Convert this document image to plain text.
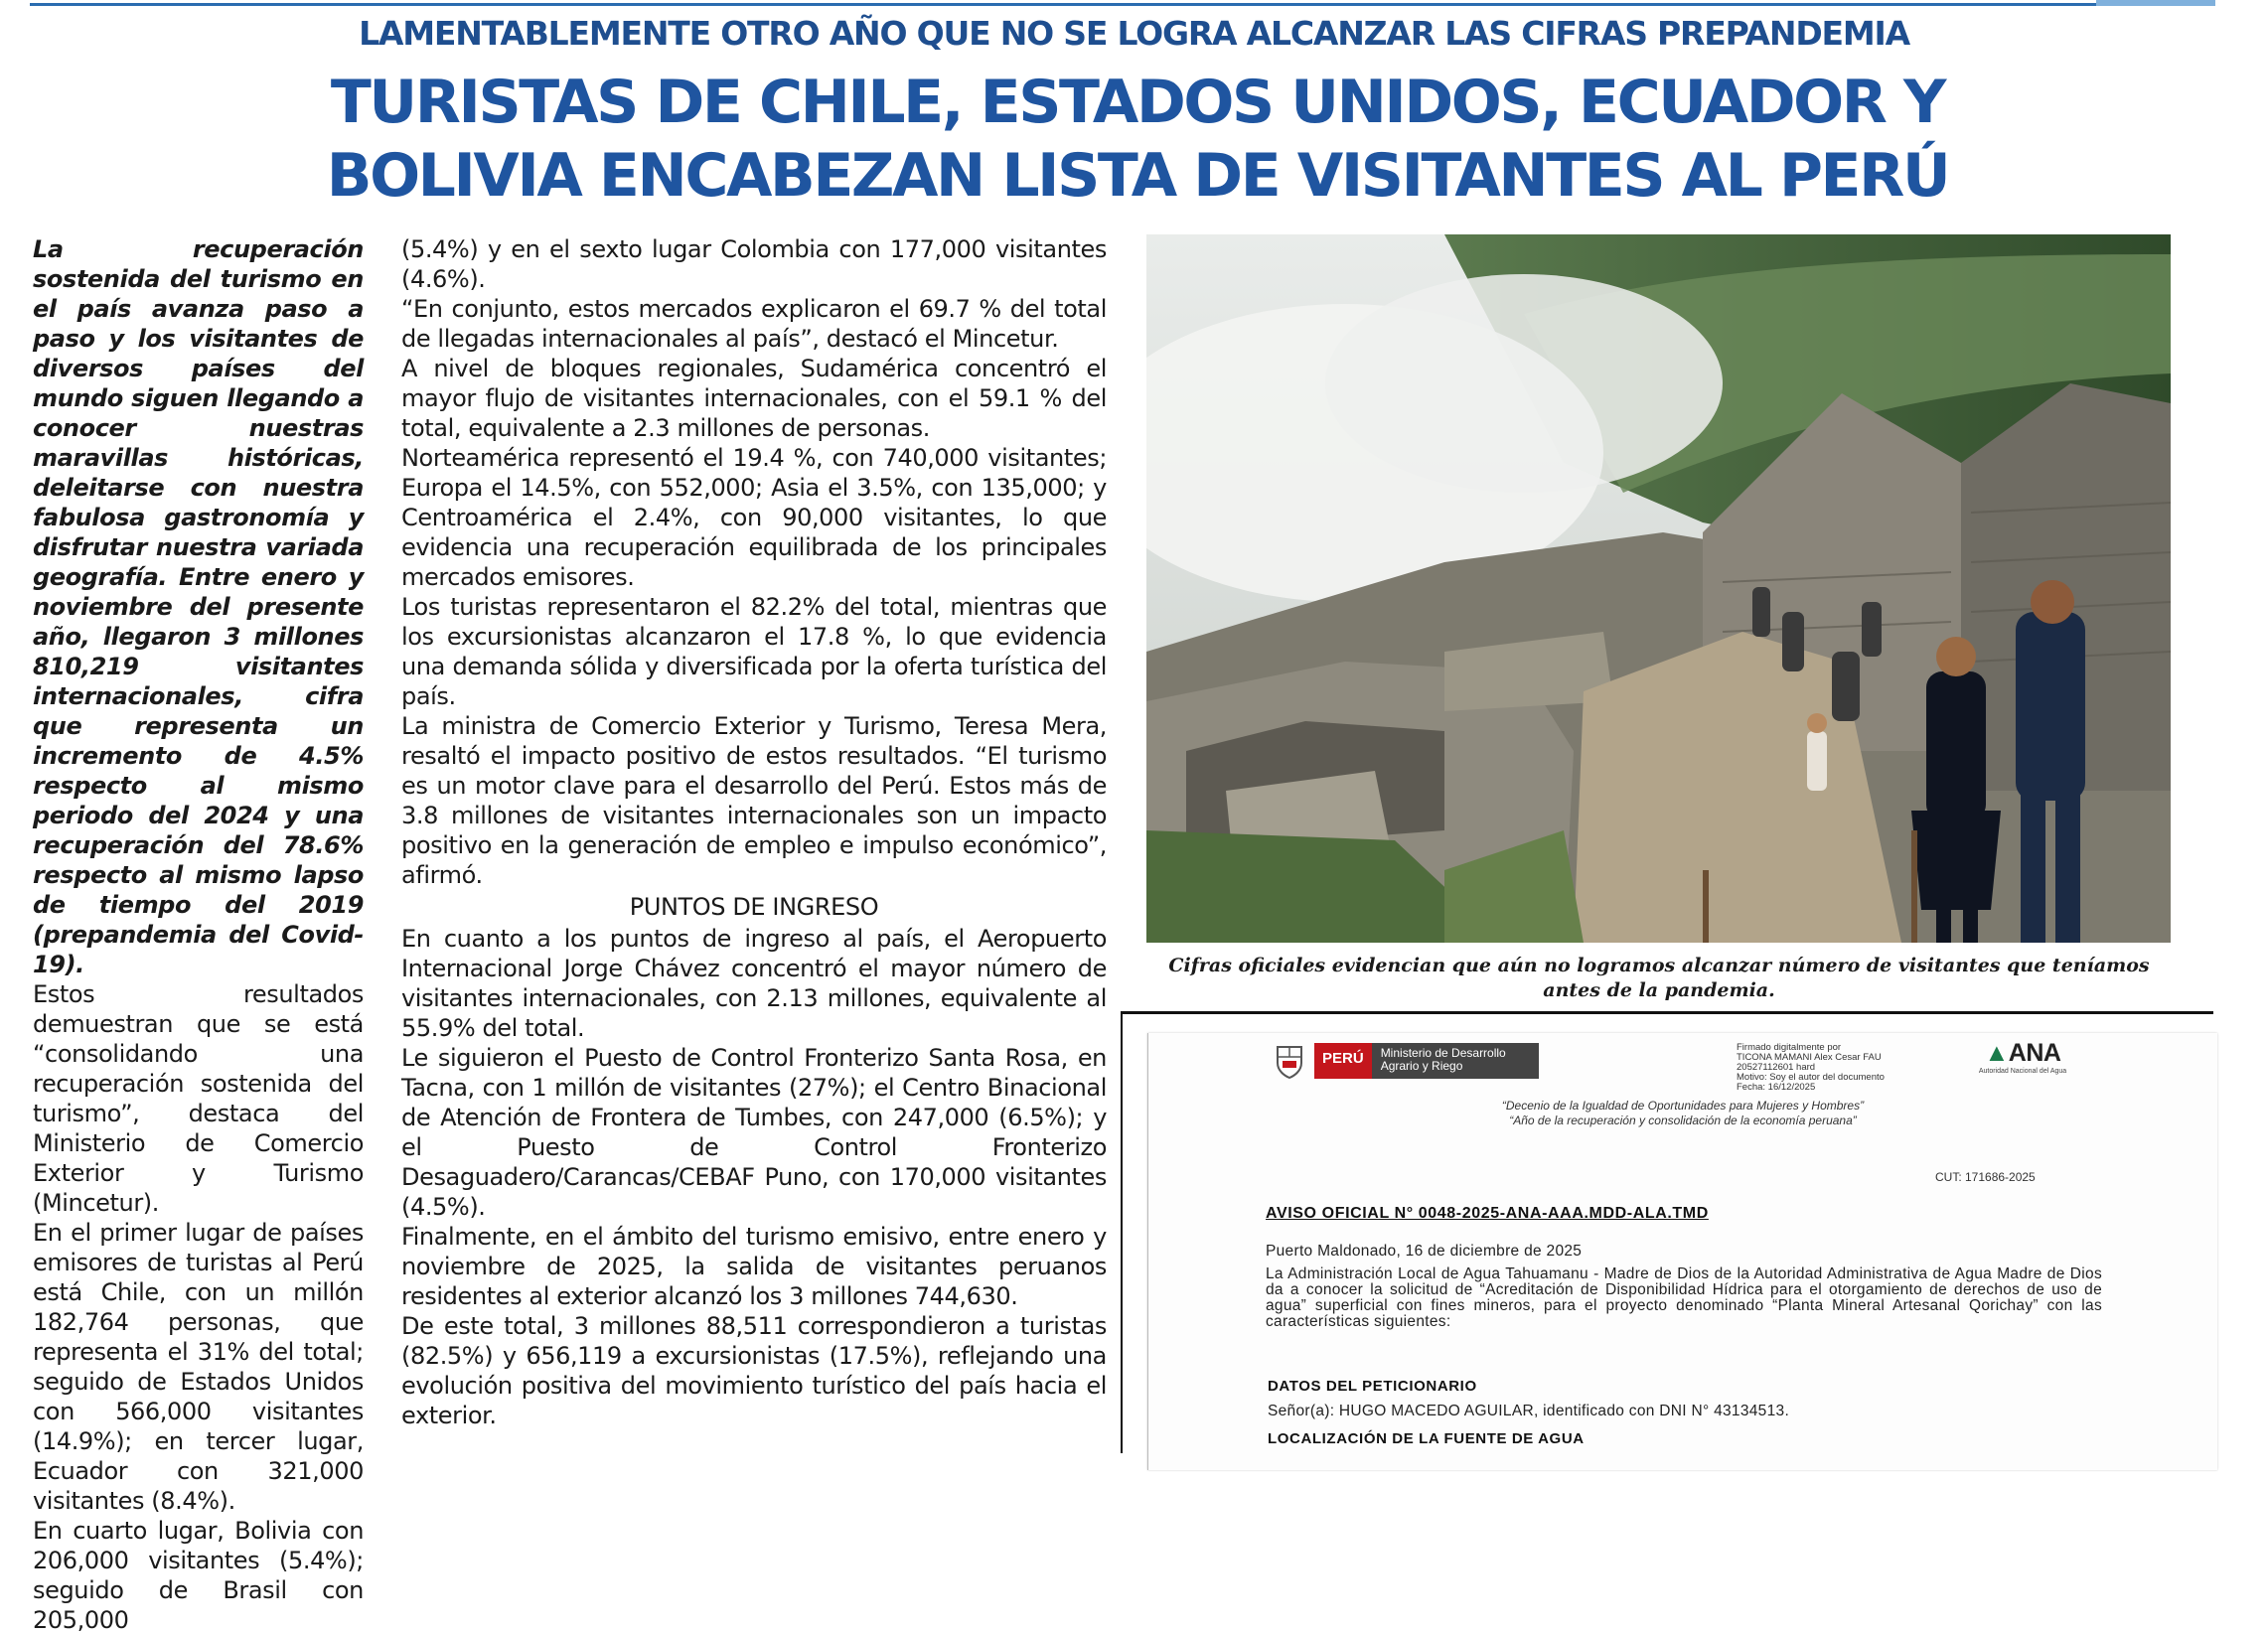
LAMENTABLEMENTE OTRO AÑO QUE NO SE LOGRA ALCANZAR LAS CIFRAS PREPANDEMIA
TURISTAS DE CHILE, ESTADOS UNIDOS, ECUADOR Y
BOLIVIA ENCABEZAN LISTA DE VISITANTES AL PERÚ

La recuperación sostenida del turismo en el país avanza paso a paso y los visitantes de diversos países del mundo siguen llegando a conocer nuestras maravillas históricas, deleitarse con nuestra fabulosa gastronomía y disfrutar nuestra variada geografía. Entre enero y noviembre del presente año, llegaron 3 millones 810,219 visitantes internacionales, cifra que representa un incremento de 4.5% respecto al mismo periodo del 2024 y una recuperación del 78.6% respecto al mismo lapso de tiempo del 2019 (prepandemia del Covid-19).

Estos resultados demuestran que se está “consolidando una recuperación sostenida del turismo”, destaca del Ministerio de Comercio Exterior y Turismo (Mincetur).

En el primer lugar de países emisores de turistas al Perú está Chile, con un millón 182,764 personas, que representa el 31% del total; seguido de Estados Unidos con 566,000 visitantes (14.9%); en tercer lugar, Ecuador con 321,000 visitantes (8.4%).

En cuarto lugar, Bolivia con 206,000 visitantes (5.4%); seguido de Brasil con 205,000

(5.4%) y en el sexto lugar Colombia con 177,000 visitantes (4.6%).

“En conjunto, estos mercados explicaron el 69.7 % del total de llegadas internacionales al país”, destacó el Mincetur.

A nivel de bloques regionales, Sudamérica concentró el mayor flujo de visitantes internacionales, con el 59.1 % del total, equivalente a 2.3 millones de personas.

Norteamérica representó el 19.4 %, con 740,000 visitantes; Europa el 14.5%, con 552,000; Asia el 3.5%, con 135,000; y Centroamérica el 2.4%, con 90,000 visitantes, lo que evidencia una recuperación equilibrada de los principales mercados emisores.

Los turistas representaron el 82.2% del total, mientras que los excursionistas alcanzaron el 17.8 %, lo que evidencia una demanda sólida y diversificada por la oferta turística del país.

La ministra de Comercio Exterior y Turismo, Teresa Mera, resaltó el impacto positivo de estos resultados. “El turismo es un motor clave para el desarrollo del Perú. Estos más de 3.8 millones de visitantes internacionales son un impacto positivo en la generación de empleo e impulso económico”, afirmó.

PUNTOS DE INGRESO

En cuanto a los puntos de ingreso al país, el Aeropuerto Internacional Jorge Chávez concentró el mayor número de visitantes internacionales, con 2.13 millones, equivalente al 55.9% del total.

Le siguieron el Puesto de Control Fronterizo Santa Rosa, en Tacna, con 1 millón de visitantes (27%); el Centro Binacional de Atención de Frontera de Tumbes, con 247,000 (6.5%); y el Puesto de Control Fronterizo Desaguadero/Carancas/CEBAF Puno, con 170,000 visitantes (4.5%).

Finalmente, en el ámbito del turismo emisivo, entre enero y noviembre de 2025, la salida de visitantes peruanos residentes al exterior alcanzó los 3 millones 744,630.

De este total, 3 millones 88,511 correspondieron a turistas (82.5%) y 656,119 a excursionistas (17.5%), reflejando una evolución positiva del movimiento turístico del país hacia el exterior.

Cifras oficiales evidencian que aún no logramos alcanzar número de visitantes que teníamos antes de la pandemia.
PERÚ	Ministerio de Desarrollo Agrario y Riego
Firmado digitalmente por
TICONA MAMANI Alex Cesar FAU
20527112601 hard
Motivo: Soy el autor del documento
Fecha: 16/12/2025
▲ANA
Autoridad Nacional del Agua
“Decenio de la Igualdad de Oportunidades para Mujeres y Hombres”
“Año de la recuperación y consolidación de la economía peruana”
CUT: 171686-2025
AVISO OFICIAL N° 0048-2025-ANA-AAA.MDD-ALA.TMD
Puerto Maldonado, 16 de diciembre de 2025
La Administración Local de Agua Tahuamanu - Madre de Dios de la Autoridad Administrativa de Agua Madre de Dios da a conocer la solicitud de “Acreditación de Disponibilidad Hídrica para el otorgamiento de derechos de uso de agua” superficial con fines mineros, para el proyecto denominado “Planta Mineral Artesanal Qorichay” con las características siguientes:
DATOS DEL PETICIONARIO
Señor(a): HUGO MACEDO AGUILAR, identificado con DNI N° 43134513.
LOCALIZACIÓN DE LA FUENTE DE AGUA
